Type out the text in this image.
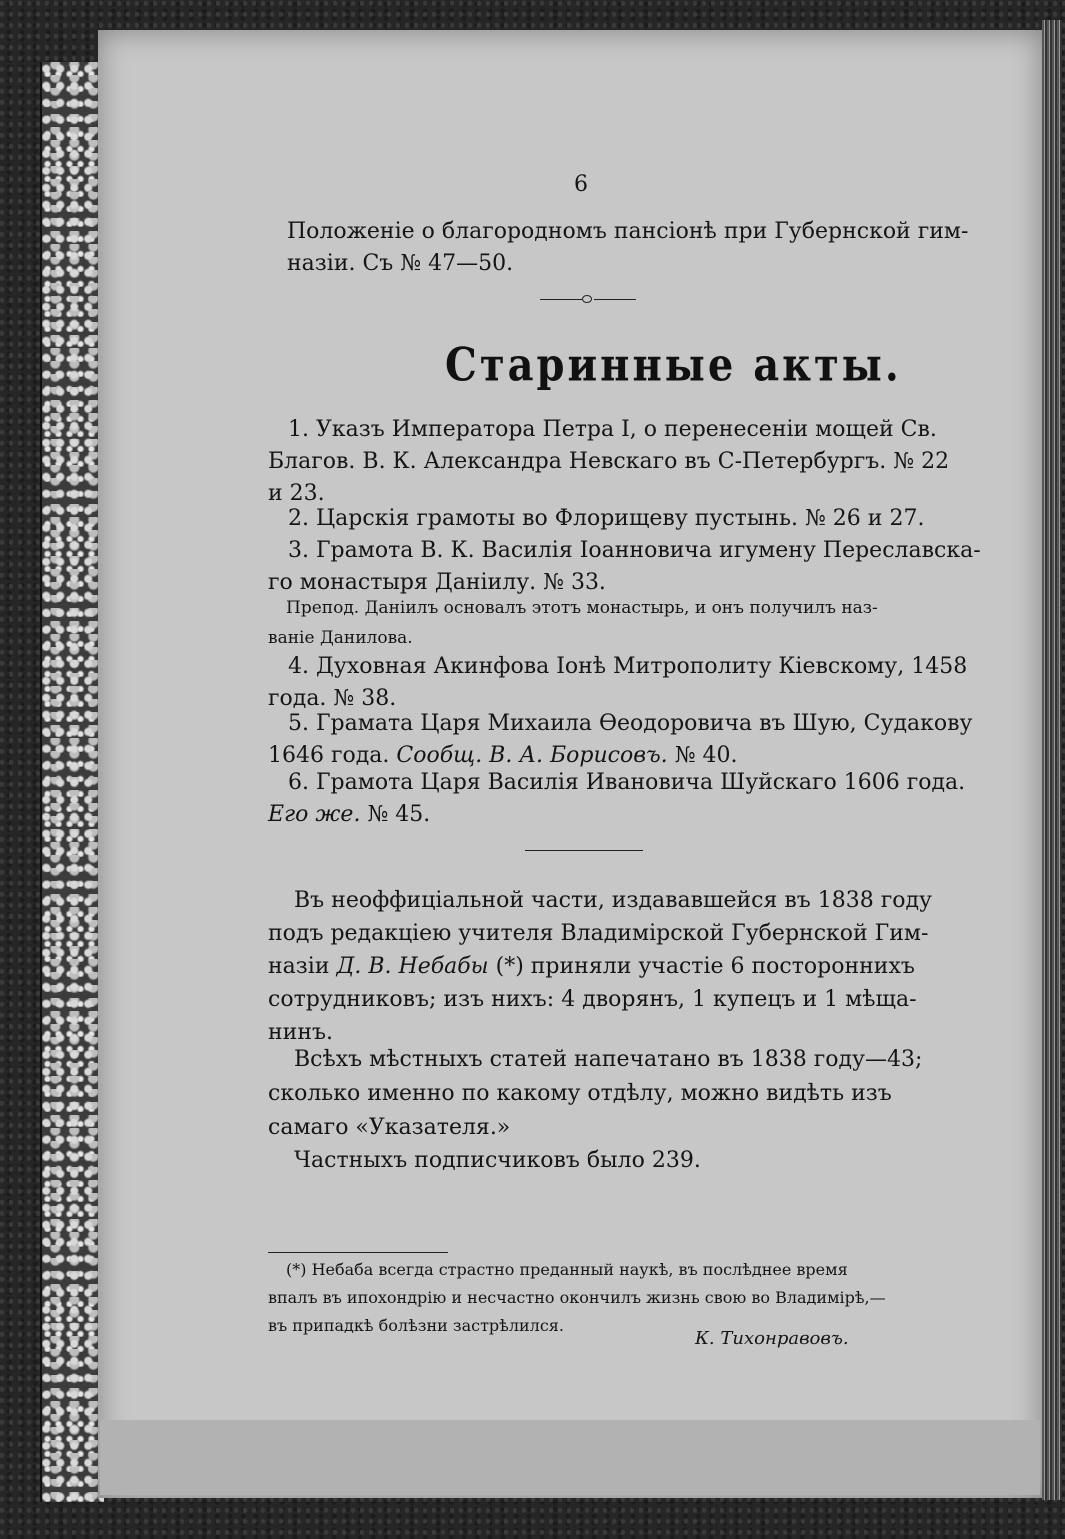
6
Положеніе о благородномъ пансіонѣ при Губернской гим-
назіи. Съ № 47—50.
Старинные акты.
1. Указъ Императора Петра I, о перенесеніи мощей Св.
Благов. В. К. Александра Невскаго въ С-Петербургъ. № 22
и 23.
2. Царскія грамоты во Флорищеву пустынь. № 26 и 27.
3. Грамота В. К. Василія Іоанновича игумену Переславска-
го монастыря Даніилу. № 33.
Препод. Даніилъ основалъ этотъ монастырь, и онъ получилъ наз-
ваніе Данилова.
4. Духовная Акинфова Іонѣ Митрополиту Кіевскому, 1458
года. № 38.
5. Грамата Царя Михаила Ѳеодоровича въ Шую, Судакову
1646 года. Сообщ. В. А. Борисовъ. № 40.
6. Грамота Царя Василія Ивановича Шуйскаго 1606 года.
Его же. № 45.
Въ неоффиціальной части, издававшейся въ 1838 году
подъ редакціею учителя Владимірской Губернской Гим-
назіи Д. В. Небабы (*) приняли участіе 6 постороннихъ
сотрудниковъ; изъ нихъ: 4 дворянъ, 1 купецъ и 1 мѣща-
нинъ.
Всѣхъ мѣстныхъ статей напечатано въ 1838 году—43;
сколько именно по какому отдѣлу, можно видѣть изъ
самаго «Указателя.»
Частныхъ подписчиковъ было 239.
(*) Небаба всегда страстно преданный наукѣ, въ послѣднее время
впалъ въ ипохондрію и несчастно окончилъ жизнь свою во Владимірѣ,—
въ припадкѣ болѣзни застрѣлился.
К. Тихонравовъ.
